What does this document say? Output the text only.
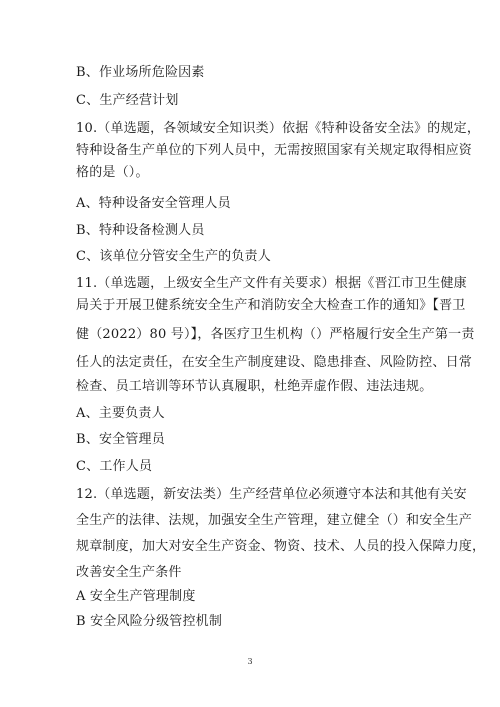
B、作业场所危险因素
C、生产经营计划
10.（单选题，各领域安全知识类）依据《特种设备安全法》的规定，
特种设备生产单位的下列人员中，无需按照国家有关规定取得相应资
格的是（）。
A、特种设备安全管理人员
B、特种设备检测人员
C、该单位分管安全生产的负责人
11.（单选题，上级安全生产文件有关要求）根据《晋江市卫生健康
局关于开展卫健系统安全生产和消防安全大检查工作的通知》【晋卫
健（2022）80 号）】，各医疗卫生机构（）严格履行安全生产第一责
任人的法定责任，在安全生产制度建设、隐患排查、风险防控、日常
检查、员工培训等环节认真履职，杜绝弄虚作假、违法违规。
A、主要负责人
B、安全管理员
C、工作人员
12.（单选题，新安法类）生产经营单位必须遵守本法和其他有关安
全生产的法律、法规，加强安全生产管理，建立健全（）和安全生产
规章制度，加大对安全生产资金、物资、技术、人员的投入保障力度，
改善安全生产条件
A 安全生产管理制度
B 安全风险分级管控机制
3
